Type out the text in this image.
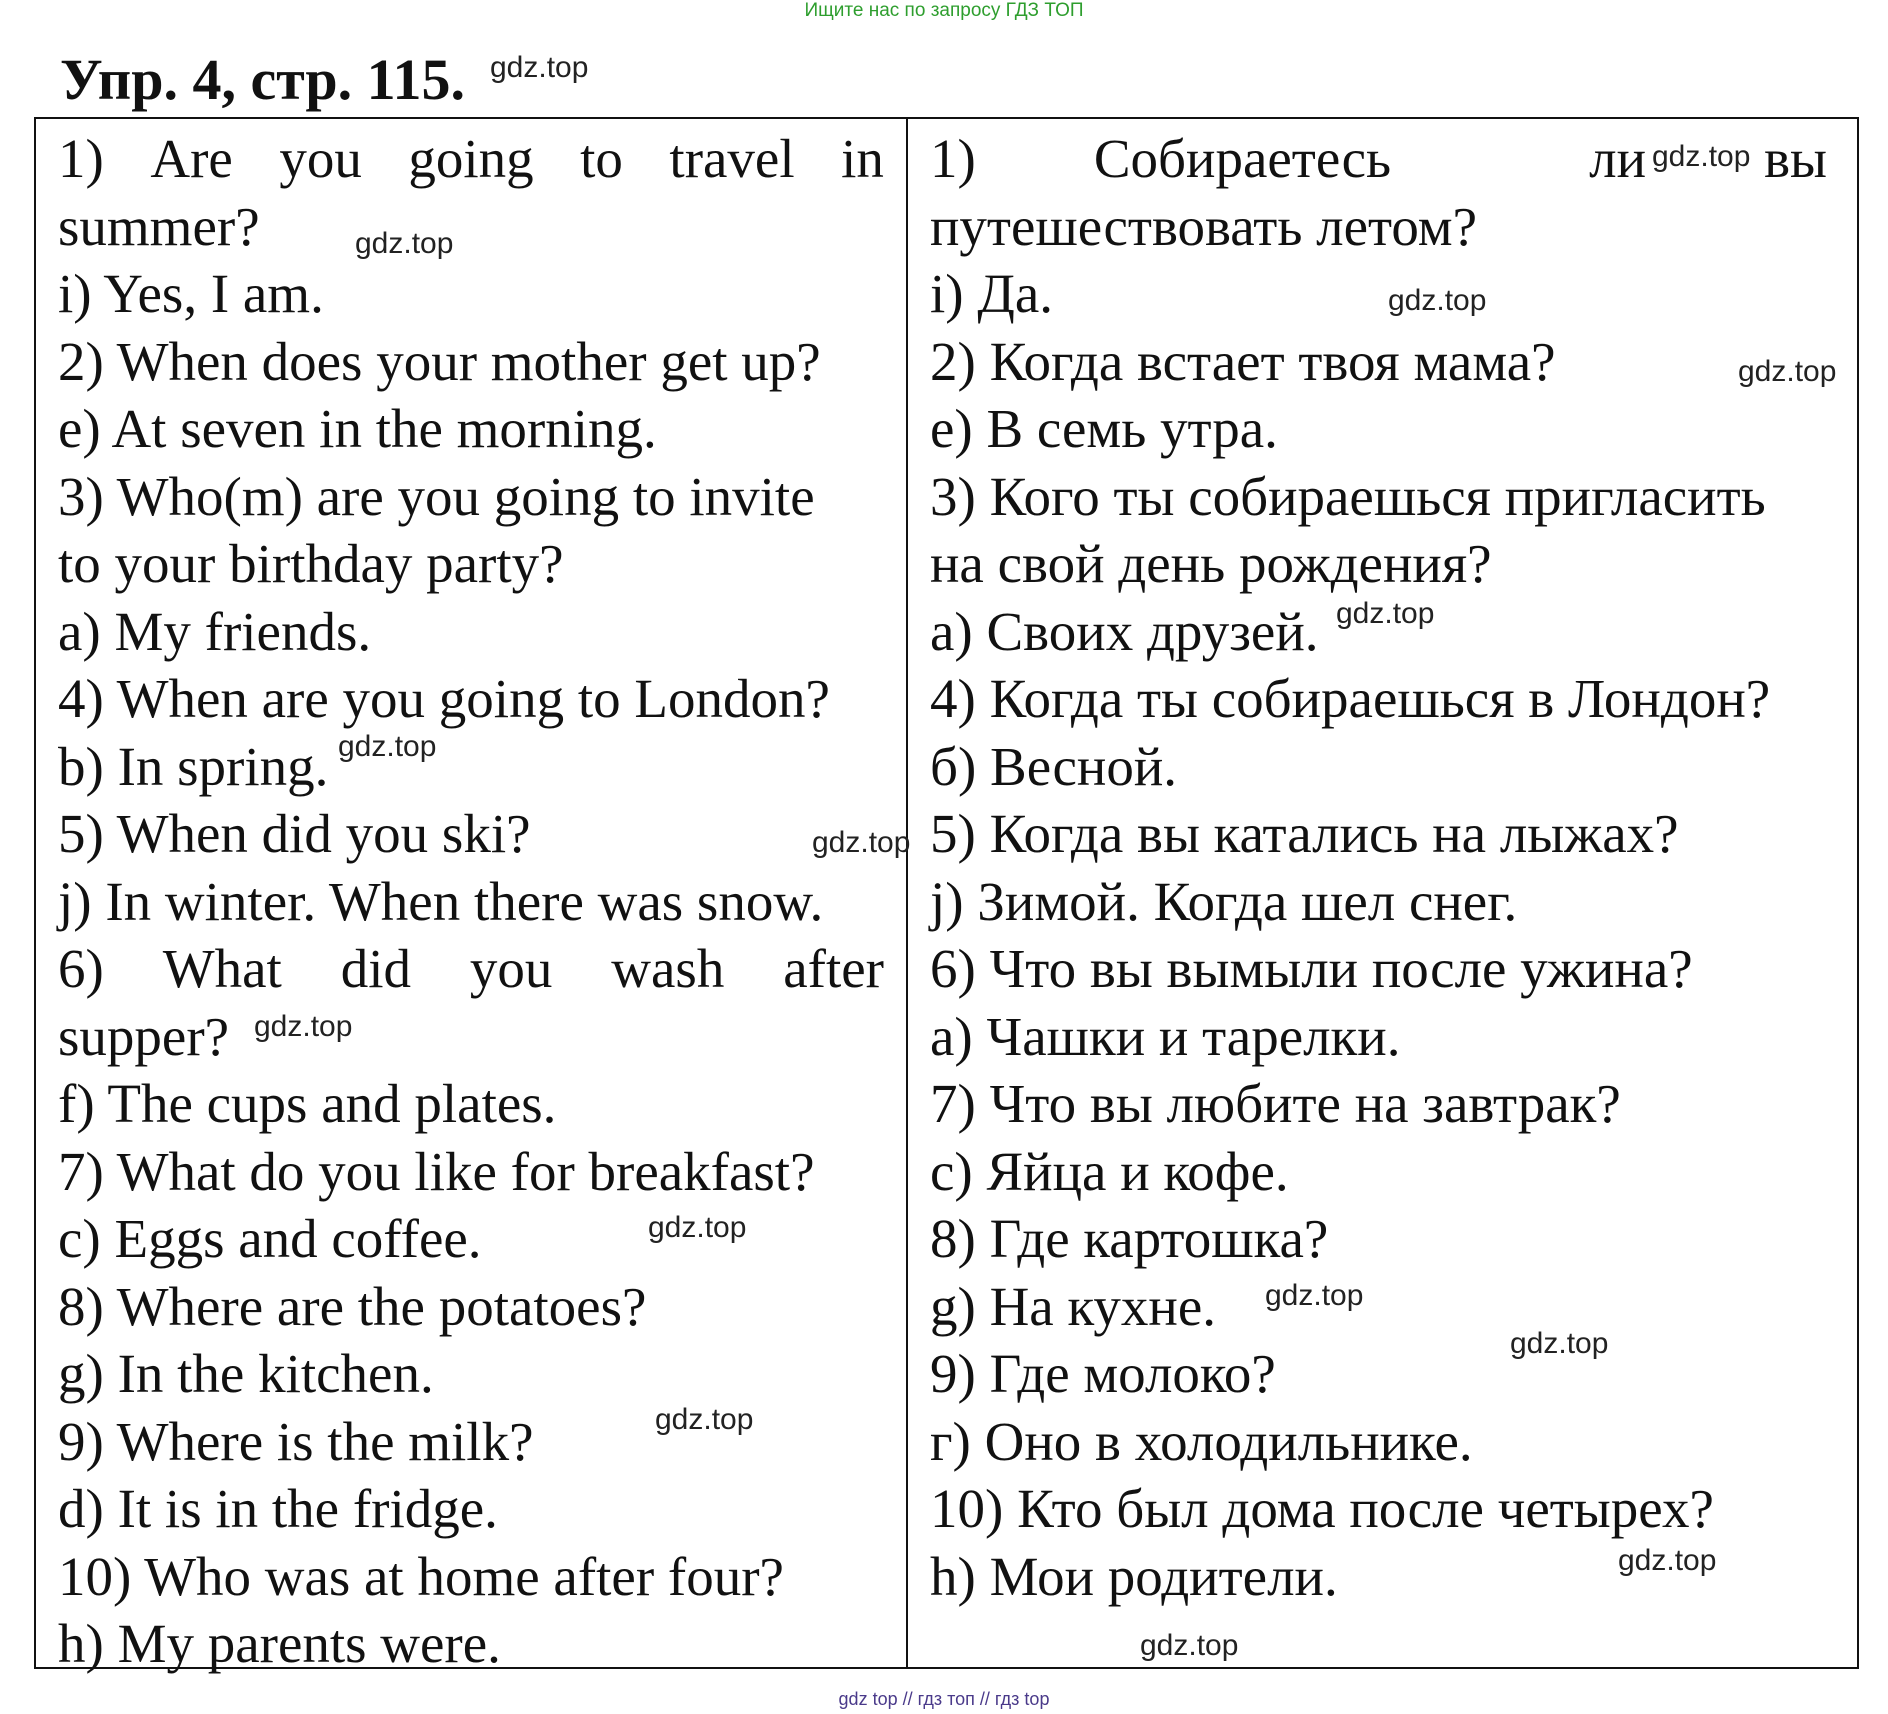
Ищите нас по запросу ГДЗ ТОП
Упр. 4, стр. 115. gdz.top
1) Are you going to travel in
summer?
i) Yes, I am.
2) When does your mother get up?
e) At seven in the morning.
3) Who(m) are you going to invite
to your birthday party?
a) My friends.
4) When are you going to London?
b) In spring.
5) When did you ski?
j) In winter. When there was snow.
6) What did you wash after
supper?
f) The cups and plates.
7) What do you like for breakfast?
c) Eggs and coffee.
8) Where are the potatoes?
g) In the kitchen.
9) Where is the milk?
d) It is in the fridge.
10) Who was at home after four?
h) My parents were.
1) Собираетесь	ли вы
путешествовать летом?
i) Да.
2) Когда встает твоя мама?
e) В семь утра.
3) Кого ты собираешься пригласить
на свой день рождения?
a) Своих друзей.
4) Когда ты собираешься в Лондон?
б) Весной.
5) Когда вы катались на лыжах?
j) Зимой. Когда шел снег.
6) Что вы вымыли после ужина?
а) Чашки и тарелки.
7) Что вы любите на завтрак?
с) Яйца и кофе.
8) Где картошка?
g) На кухне.
9) Где молоко?
г) Оно в холодильнике.
10) Кто был дома после четырех?
h) Мои родители.
gdz.top
gdz.top
gdz.top
gdz.top
gdz.top
gdz.top
gdz.top
gdz.top
gdz.top
gdz.top
gdz.top
gdz.top
gdz.top
gdz.top
gdz top // гдз топ // гдз top
